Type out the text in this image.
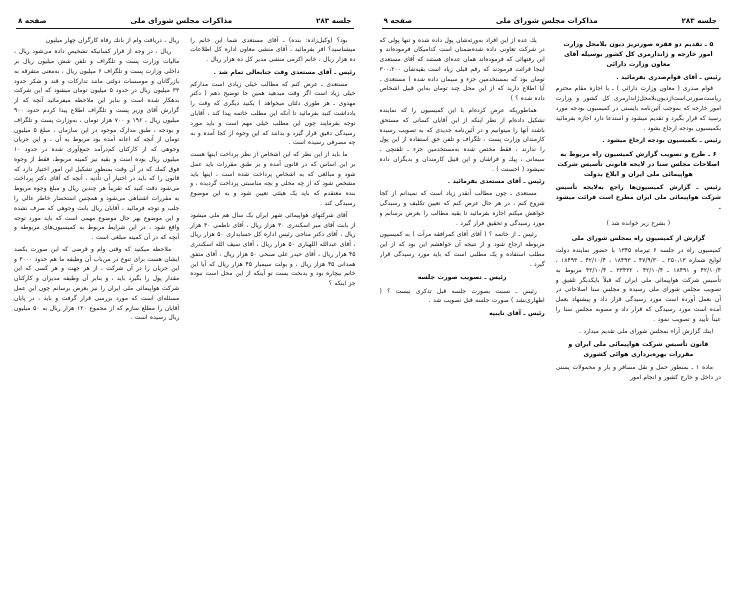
جلسه ۲۸۳
مذاکرات مجلس شورای ملی
صفحه ۹

۵ ـ تقدیم دو فقره صورتریز دیون بلامحل وزارت امور خارجه و ژاندارمری کل کشور بوسیله آقای معاون وزارت دارائی

رئیس ـ آقای قوام‌صدری بفرمائید .

قوام صدری ( معاون وزارت دارائی ) ـ با اجازه مقام محترم ریاست‌صورتی‌است‌از‌دیون‌بلامحل‌ژاندارمری کل کشور و وزارت امور خارجه که بموجب آئین‌نامه بایستی در کمیسیون بودجه مورد رسید که قرار بگیرد و تقدیم میشود و استدعا دارد اجازه بفرمائید بکمیسیون بودجه ارجاع بشود .

رئیس ـ بکمیسیون بودجه ارجاع میشود .

۶ ـ طرح و تصویب گزارش کمیسیون راه مربوط به اصلاحات مجلس سنا در لایحه قانونی تأسیس شرکت هواپیمائی ملی ایران و ابلاغ بدولت

رئیس ـ گزارش کمیسیون‌ها راجع به‌لایحه تأسیس شرکت هواپیمائی ملی ایران مطرح است قرائت میشود .

( بشرح زیر خوانده شد )

گزارش از کمیسیون راه بمجلس شورای ملی

کمیسیون راه در جلسه ۶ تیرماه ۱۳۴۵ با حضور نماینده دولت لوایح شماره ۲۵۰،۱۳ ـ ۴۷/۹/۳۰ ـ ۱۸۴۹۳ ، ۴۲/۱۰/۴ ـ ۱۸۴۹۳ ، ۴۲/۱۰/۴ و ۱۸۴۹۱ ـ ۴۲/۱۰/۴ ، ۳۳۴۳۲ ـ ۴۲/۱۰/۴ مربوط به تأسیس شرکت هواپیمائی ملی ایران که قبلاً بایکدیگر تلفیق و تصویب مجلس شورای ملی رسیده و مجلس سنا اصلاحاتی در آن بعمل آورده است مورد رسیدگی قرار داد و پیشنهاد بعمل آمده است مورد رسیدگی که قرار داد و مصوبه مجلس سنا را عیناً تأیید و تصویب نمود .

اینك گزارش آراء بمجلس شورای ملی تقدیم میدارد .

قانون تأسیس شرکت هواپیمائی ملی ایران و مقررات بهره‌برداری هوائی کشوری

ماده ۱ ـ بمنظور حمل و نقل مسافر و بار و محمولات پستی در داخل و خارج کشور و انجام امور

یك عده از این افراد به‌ورثه‌شان پول داده شده و تنها پولی که در شرکت تعاونی داده شده‌ضمنان است کدامیکان فرموده‌اند و این رفتهائی که فرموده‌اند همان ‌عده‌ای هستند که آقای مستعدی اینجا قرائت فرمودند که رقم قبلی زیاد است بقیه‌شان ۳۰۰،۲۰۰ تومان بود که بمستخدمین جزء و سیمان داده شده ( مستعدی ـ آیا اطلاع دارید که از این محل چند تومان به‌این قبیل اشخاص داده شده ؟ )

هماطوریکه عرض کرده‌ام با این کمیسیون را که نماینده تشکیل داده‌ام از نظر اینکه از این آقایان کسانی که مستحق باشند آنها را میتوانیم و در آئین‌نامه‌ جدیدی که به تصویب رسیده کارمندان وزارت پست ، تلگراف و تلفن حق استفاده از این پول را ندارند ، فقط مختص شده به‌مستخدمین جزء ـ تلفنچی ـ سیمانی ، پیك و فراشان و این قبیل کارمندان و بدیگران داده نمیشود ( احسنت ) .

رئیس ـ آقای مستعدی بفرمائید .

مستعدی ـ چون مطالب آنقدر زیاد است که نمیدانم از کجا شروع کنم ، در هر حال عرض کنم که تعیین تکلیف و رسیدگی خواهش میکنم اجازه بفرمائید تا بقیه مطالب را بعرض برسانم و مورد رسیدگی و تحقیق قرار گیرد .

رئیس ـ از خاتمه ؟ ( آقای آقای کمرافقه مرآت ) به کمیسیون مربوطه ارجاع شود و از نتیجه آن خواهشم این بود که از این مطلب استفاده و یک مطلبی است که باید مورد رسیدگی قرار گیرد .

رئیس ـ تصویب صورت جلسه

رئیس ـ نسبت بصورت جلسه قبل تذکری نیست ؟ ( اظهاری‌نشد ) صورت جلسه قبل تصویب شد .

رئیس ـ آقای نایبیه

جلسه ۲۸۳
مذاکرات مجلس شورای ملی
صفحه ۸

بود؟ (وکیل‌زاده: بنده) ـ آقای مستعدی شما این خانم را میشناسید؟ افر بفرمائید ، آقای منشی معاون اداره کل اطلاعات ده هزار ریال ، خانم اکرمی منشی مدیر کل ده هزار ریال .

رئیس ـ آقای مستعدی وقت جنابعالی تمام شد .

مستعدی ـ عرض کنم که مطالب خیلی زیادی است مدارکم خیلی زیاد است اگر وقت میدهید همین جا توضیح دهم ( دکتر مهدوی ـ هر طوری دلتان میخواهد ) یکنید دیگری که وقت را یادداشت کنید بفرمائید تا آنکه این مطلب خاتمه پیدا کند ، آقایان توجه بفرمایند چون این مطلب خیلی مهم است و باید مورد رسیدگی دقیق قرار گیرد و بدانند که این وجوه از کجا آمده و به چه مصرفی رسیده است .

ما باید از این نظر که این اشخاص از نظر پرداخت اینها هست بر این اساس که در قانون آمده و بر طبق مقررات باید عمل شود و مبالغی که به اشخاص پرداخت شده است ، اینها باید مشخص شود که از چه محلی و بچه مناسبتی پرداخت گردیده ، و بنده معتقدم که باید یک هیئتی تعیین شود و به این موضوع رسیدگی کند .

آقای شرکتهای هواپیمائی شهر ایران یک سال هم ملی میشود از بابت آقای میر اسکندری ۳۰ هزار ریال ، آقای ناظمی ۳۰ هزار ریال ، آقای دکتر مناجی رئیس اداره کل حسابداری ۵۰ هزار ریال ، آقای عبدالله اللهیاری ۵۰ هزار ریال ، آقای سیف الله اسکندری ۴۵ هزار ریال ، آقای حیدر علی صبحی ۵۰ هزار ریال ، آقای متفق همدانی ۴۵ هزار ریال ، و بولت سیمیار ۴۵ هزار ریال که آیا این خانم بیچاره بود و بدبخت بست تو آینکه از این محل است نبوده جز اینکه ؟

ریال ، دریافت وام از بانك رفاه كارگران چهار میلیون

ریال ، در وجه از قرار کسانیکه تشخیص داده می‌شود ریال ، مالیات وزارت پست و تلگراف و تلفن شش میلیون ریال بر داخلی وزارت پست و تلگراف ۶ میلیون ریال ، به‌معنی متفرقه به بازرگانان و موسسات دولتی مانند تدارکات و قند و شکر حدود ۳۳ میلیون ریال در حدود ۵ میلیون تومان میشود که این شرکت بدهکار شده است و بنابر این ملاحظه میفرمائید آنچه که از گزارش آقای وزیر پست و تلگراف اطلاع پیدا کردم حدود ۹۰۰ میلیون ریال ، ۱۹۶ و ۷۰۰ هزار تومان ، به‌وزارت پست و تلگراف و بودجه ، طبق مدارک موجود در این سازمان ، مبلغ ۵ میلیون تومان از آنچه که اعانه آمده بود مربوط به آن ، و این جریان وجوهی که از کارکنان کم‌درآمد جمع‌آوری شده در حدود ۱۰ میلیون ریال بوده است و بقیه نیز کمیته مربوط، فقط از وجوه فوق کمك که در آن وقت بمنظور تشکیل این امور اختیار دارد که قانون را که باید در اختیار آن تأدیه ، آنچه که آقای دکتر پرداخت می‌شود دقت کنید که تقریباً هر چندین ریال و مبلغ وجوه مربوط به مقررات اشتباهی می‌شود و همچنین استحضار خاطر عالی را جلب و توجه فرمائید ، آقایان ریال بابت وجوهی که صرف نشده و این موضوع بهر حال موضوع مهمی است که باید مورد توجه واقع شود ، در این شرایط مربوط به کمیسیون‌های مربوطه و آنچه که در آن کمیته مبلغی است .

ملاحظه میکنید که وقتی وام و قرضی که این صورت یکصد ایشان هست برای تنوع در من‌باب آن وظیفه ما هم حدود ۳۰۰۰ و این جریان را در آن شرکت ، از هر جهت و هر کسی که این مقدار پول را بگیرد باید ، و بنابر آن وظیفه مدیران و کارکنان شرکت هواپیمائی ملی ایران را نیز بعرض برسانم چون این عمل مسئله‌ای است که مورد بررسی قرار گرفت و باید ، در پایان آقایان را مطلع سازم که از مجموع ۱۲۰ هزار ریال به ۵۰ میلیون ریال رسیده است .
